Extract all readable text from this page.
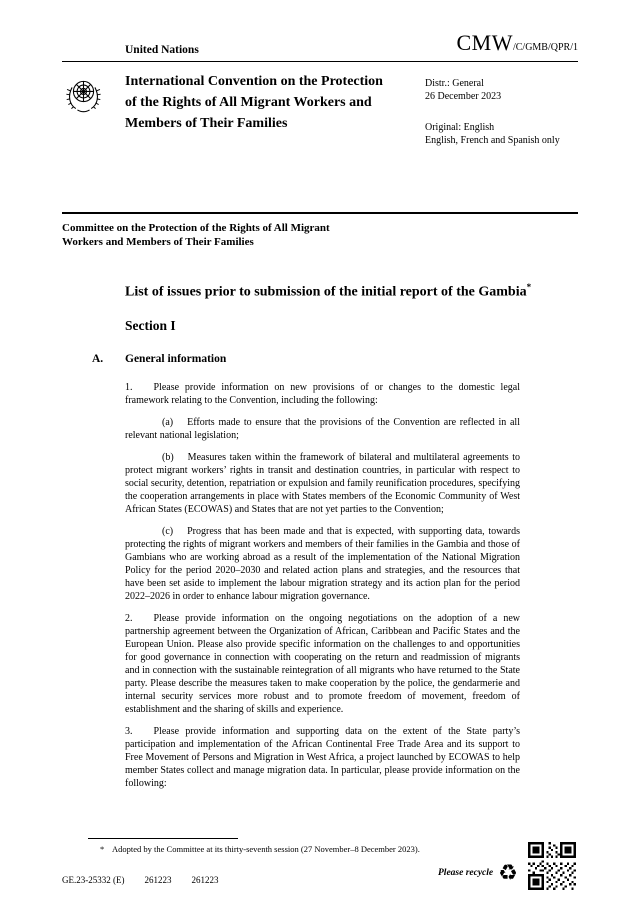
United Nations	CMW/C/GMB/QPR/1
International Convention on the Protection of the Rights of All Migrant Workers and Members of Their Families
Distr.: General
26 December 2023
Original: English
English, French and Spanish only
Committee on the Protection of the Rights of All Migrant Workers and Members of Their Families
List of issues prior to submission of the initial report of the Gambia*
Section I
A. General information

1. Please provide information on new provisions of or changes to the domestic legal framework relating to the Convention, including the following:

(a) Efforts made to ensure that the provisions of the Convention are reflected in all relevant national legislation;

(b) Measures taken within the framework of bilateral and multilateral agreements to protect migrant workers’ rights in transit and destination countries, in particular with respect to social security, detention, repatriation or expulsion and family reunification procedures, specifying the cooperation arrangements in place with States members of the Economic Community of West African States (ECOWAS) and States that are not yet parties to the Convention;

(c) Progress that has been made and that is expected, with supporting data, towards protecting the rights of migrant workers and members of their families in the Gambia and those of Gambians who are working abroad as a result of the implementation of the National Migration Policy for the period 2020–2030 and related action plans and strategies, and the resources that have been set aside to implement the labour migration strategy and its action plan for the period 2022–2026 in order to enhance labour migration governance.

2. Please provide information on the ongoing negotiations on the adoption of a new partnership agreement between the Organization of African, Caribbean and Pacific States and the European Union. Please also provide specific information on the challenges to and opportunities for good governance in connection with cooperating on the return and readmission of migrants and in connection with the sustainable reintegration of all migrants who have returned to the State party. Please describe the measures taken to make cooperation by the police, the gendarmerie and internal security services more robust and to promote freedom of movement, freedom of establishment and the sharing of skills and experience.

3. Please provide information and supporting data on the extent of the State party’s participation and implementation of the African Continental Free Trade Area and its support to Free Movement of Persons and Migration in West Africa, a project launched by ECOWAS to help member States collect and manage migration data. In particular, please provide information on the following:

* Adopted by the Committee at its thirty-seventh session (27 November–8 December 2023).
GE.23-25332 (E) 261223 261223
Please recycle ♻
